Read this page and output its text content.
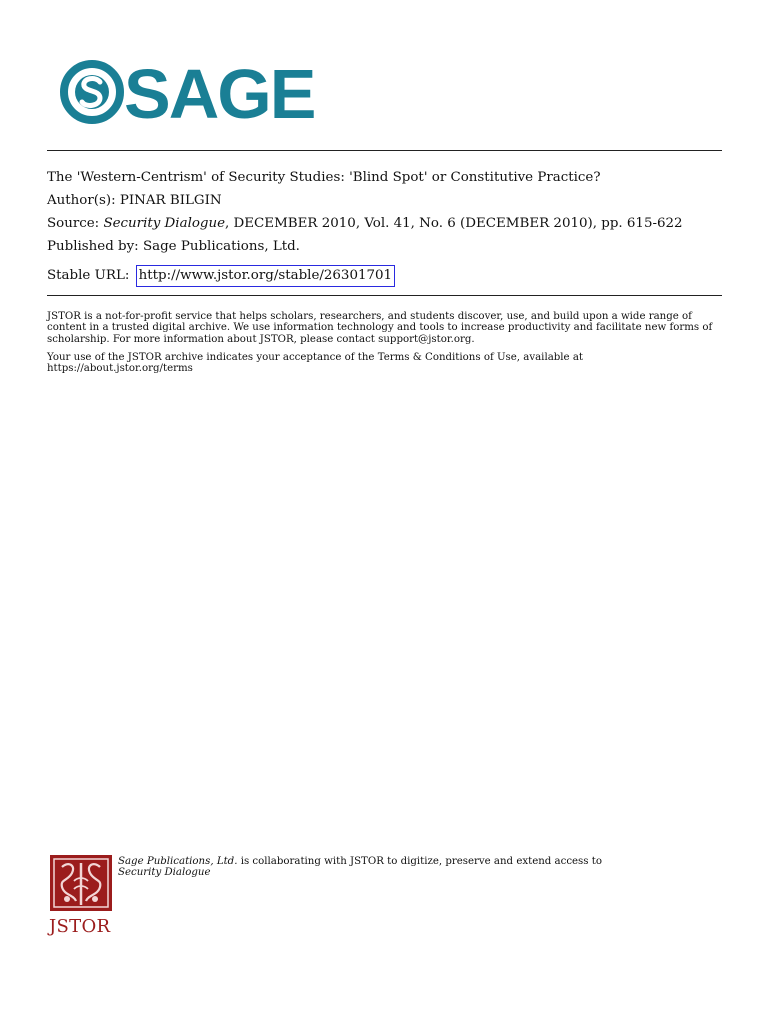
SAGE
The 'Western-Centrism' of Security Studies: 'Blind Spot' or Constitutive Practice?
Author(s): PINAR BILGIN
Source: Security Dialogue, DECEMBER 2010, Vol. 41, No. 6 (DECEMBER 2010), pp. 615-622
Published by: Sage Publications, Ltd.
Stable URL: http://www.jstor.org/stable/26301701
JSTOR is a not-for-profit service that helps scholars, researchers, and students discover, use, and build upon a wide range of content in a trusted digital archive. We use information technology and tools to increase productivity and facilitate new forms of scholarship. For more information about JSTOR, please contact support@jstor.org.
Your use of the JSTOR archive indicates your acceptance of the Terms & Conditions of Use, available at https://about.jstor.org/terms
JSTOR
Sage Publications, Ltd. is collaborating with JSTOR to digitize, preserve and extend access to
Security Dialogue
